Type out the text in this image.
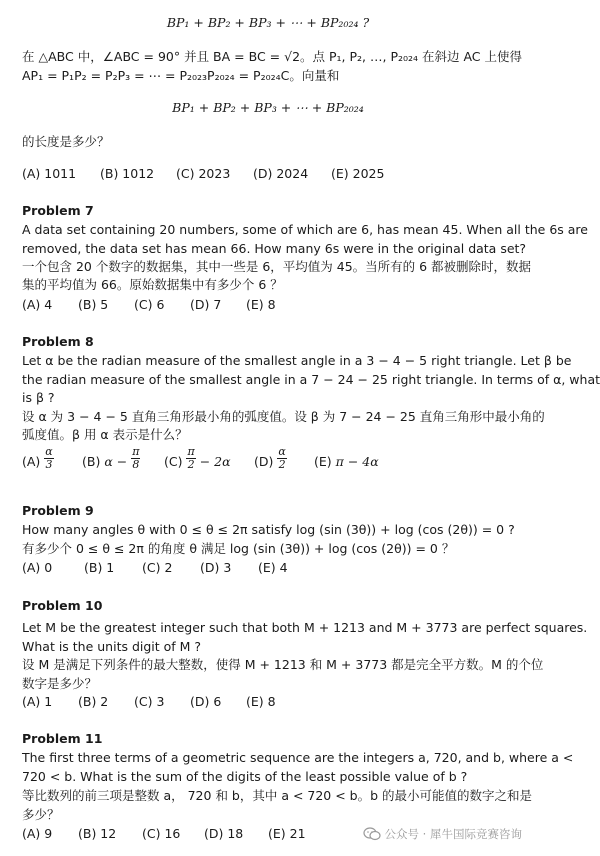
BP₁ + BP₂ + BP₃ + ⋯ + BP₂₀₂₄ ?
在 △ABC 中，∠ABC = 90° 并且 BA = BC = √2。点 P₁, P₂, …, P₂₀₂₄ 在斜边 AC 上使得
AP₁ = P₁P₂ = P₂P₃ = ⋯ = P₂₀₂₃P₂₀₂₄ = P₂₀₂₄C。向量和
BP₁ + BP₂ + BP₃ + ⋯ + BP₂₀₂₄
的长度是多少？
(A) 1011 (B) 1012 (C) 2023 (D) 2024 (E) 2025
Problem 7
A data set containing 20 numbers, some of which are 6, has mean 45. When all the 6s are
removed, the data set has mean 66. How many 6s were in the original data set?
一个包含 20 个数字的数据集，其中一些是 6，平均值为 45。当所有的 6 都被删除时，数据
集的平均值为 66。原始数据集中有多少个 6 ？
(A) 4 (B) 5 (C) 6 (D) 7 (E) 8
Problem 8
Let α be the radian measure of the smallest angle in a 3 − 4 − 5 right triangle. Let β be
the radian measure of the smallest angle in a 7 − 24 − 25 right triangle. In terms of α, what
is β ?
设 α 为 3 − 4 − 5 直角三角形最小角的弧度值。设 β 为 7 − 24 − 25 直角三角形中最小角的
弧度值。β 用 α 表示是什么？
$(A) \frac{\alpha}{3} (B) \alpha - \frac{\pi}{8} (C) \frac{\pi}{2} - 2\alpha$ $(D) \frac{\alpha}{2} (E) \pi - 4\alpha$
Problem 9
How many angles θ with 0 ≤ θ ≤ 2π satisfy log (sin (3θ)) + log (cos (2θ)) = 0 ?
有多少个 0 ≤ θ ≤ 2π 的角度 θ 满足 log (sin (3θ)) + log (cos (2θ)) = 0 ？
(A) 0	(B) 1 (C) 2 (D) 3 (E) 4
Problem 10
Let M be the greatest integer such that both M + 1213 and M + 3773 are perfect squares.
What is the units digit of M ?
设 M 是满足下列条件的最大整数，使得 M + 1213 和 M + 3773 都是完全平方数。M 的个位
数字是多少？
(A) 1 (B) 2 (C) 3 (D) 6 (E) 8
Problem 11
The first three terms of a geometric sequence are the integers a, 720, and b, where a <
720 < b. What is the sum of the digits of the least possible value of b ?
等比数列的前三项是整数 a， 720 和 b，其中 a < 720 < b。b 的最小可能值的数字之和是
多少？
(A) 9 (B) 12 (C) 16 (D) 18 (E) 21	公众号 · 犀牛国际竞赛咨询
